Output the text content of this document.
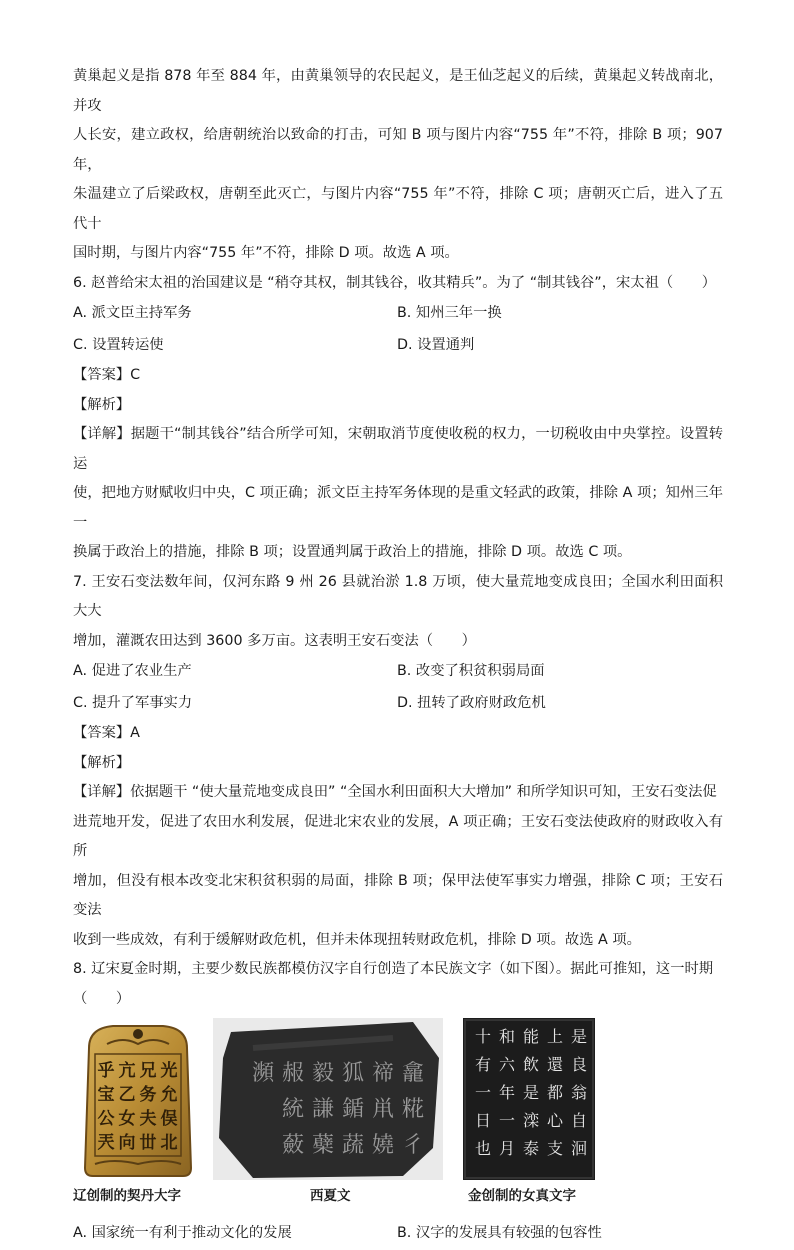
黄巢起义是指 878 年至 884 年，由黄巢领导的农民起义，是王仙芝起义的后续，黄巢起义转战南北，并攻

人长安，建立政权，给唐朝统治以致命的打击，可知 B 项与图片内容“755 年”不符，排除 B 项；907 年，

朱温建立了后梁政权，唐朝至此灭亡，与图片内容“755 年”不符，排除 C 项；唐朝灭亡后，进入了五代十

国时期，与图片内容“755 年”不符，排除 D 项。故选 A 项。

6. 赵普给宋太祖的治国建议是 “稍夺其权，制其钱谷，收其精兵”。为了 “制其钱谷”，宋太祖（　　）

A. 派文臣主持军务	B. 知州三年一换
C. 设置转运使	D. 设置通判

【答案】C

【解析】

【详解】据题干“制其钱谷”结合所学可知，宋朝取消节度使收税的权力，一切税收由中央掌控。设置转运

使，把地方财赋收归中央，C 项正确；派文臣主持军务体现的是重文轻武的政策，排除 A 项；知州三年一

换属于政治上的措施，排除 B 项；设置通判属于政治上的措施，排除 D 项。故选 C 项。

7. 王安石变法数年间，仅河东路 9 州 26 县就治淤 1.8 万顷，使大量荒地变成良田；全国水利田面积大大

增加，灌溉农田达到 3600 多万亩。这表明王安石变法（　　）

A. 促进了农业生产	B. 改变了积贫积弱局面
C. 提升了军事实力	D. 扭转了政府财政危机

【答案】A

【解析】

【详解】依据题干 “使大量荒地变成良田” “全国水利田面积大大增加” 和所学知识可知，王安石变法促

进荒地开发，促进了农田水利发展，促进北宋农业的发展，A 项正确；王安石变法使政府的财政收入有所

增加，但没有根本改变北宋积贫积弱的局面，排除 B 项；保甲法使军事实力增强，排除 C 项；王安石变法

收到一些成效，有利于缓解财政危机，但并未体现扭转财政危机，排除 D 项。故选 A 项。

8. 辽宋夏金时期，主要少数民族都模仿汉字自行创造了本民族文字（如下图）。据此可推知，这一时期

（　　）

光
允
俣
北
兄
务
夫
丗
亢
乙
女
向
乎
宝
公
兲
龕
糀
彳
禘
鼡
嬈
狐
鍎
蔬
毅
謙
蘗
赧
統
蘞
瀕
是
良
翁
自
洄
上
還
都
心
支
能
飲
是
滦
泰
和
六
年
一
月
十
有
一
日
也
辽创制的契丹大字	西夏文	金创制的女真文字
A. 国家统一有利于推动文化的发展	B. 汉字的发展具有较强的包容性
